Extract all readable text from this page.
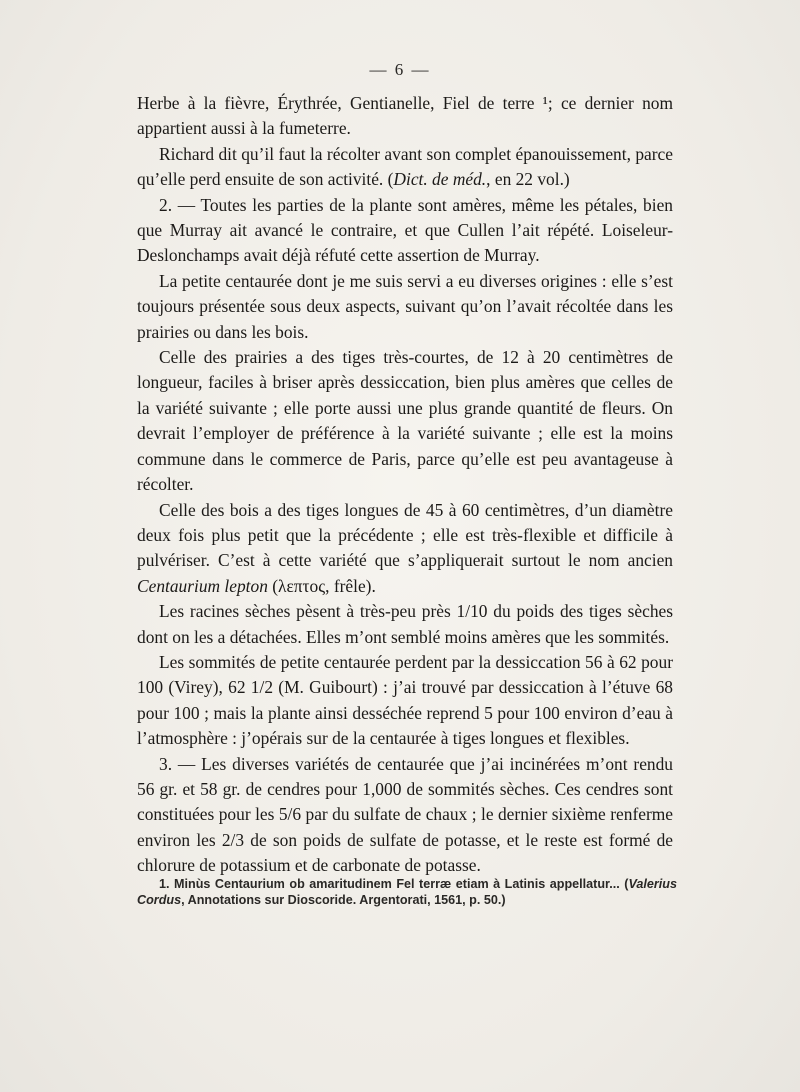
— 6 —

Herbe à la fièvre, Érythrée, Gentianelle, Fiel de terre ¹; ce dernier nom appartient aussi à la fumeterre.

Richard dit qu’il faut la récolter avant son complet épanouissement, parce qu’elle perd ensuite de son activité. (Dict. de méd., en 22 vol.)

2. — Toutes les parties de la plante sont amères, même les pétales, bien que Murray ait avancé le contraire, et que Cullen l’ait répété. Loiseleur-Deslonchamps avait déjà réfuté cette assertion de Murray.

La petite centaurée dont je me suis servi a eu diverses origines : elle s’est toujours présentée sous deux aspects, suivant qu’on l’avait récoltée dans les prairies ou dans les bois.

Celle des prairies a des tiges très-courtes, de 12 à 20 centimètres de longueur, faciles à briser après dessiccation, bien plus amères que celles de la variété suivante ; elle porte aussi une plus grande quantité de fleurs. On devrait l’employer de préférence à la variété suivante ; elle est la moins commune dans le commerce de Paris, parce qu’elle est peu avantageuse à récolter.

Celle des bois a des tiges longues de 45 à 60 centimètres, d’un diamètre deux fois plus petit que la précédente ; elle est très-flexible et difficile à pulvériser. C’est à cette variété que s’appliquerait surtout le nom ancien Centaurium lepton (λεπτος, frêle).

Les racines sèches pèsent à très-peu près 1/10 du poids des tiges sèches dont on les a détachées. Elles m’ont semblé moins amères que les sommités.

Les sommités de petite centaurée perdent par la dessiccation 56 à 62 pour 100 (Virey), 62 1/2 (M. Guibourt) : j’ai trouvé par dessiccation à l’étuve 68 pour 100 ; mais la plante ainsi desséchée reprend 5 pour 100 environ d’eau à l’atmosphère : j’opérais sur de la centaurée à tiges longues et flexibles.

3. — Les diverses variétés de centaurée que j’ai incinérées m’ont rendu 56 gr. et 58 gr. de cendres pour 1,000 de sommités sèches. Ces cendres sont constituées pour les 5/6 par du sulfate de chaux ; le dernier sixième renferme environ les 2/3 de son poids de sulfate de potasse, et le reste est formé de chlorure de potassium et de carbonate de potasse.

1. Minùs Centaurium ob amaritudinem Fel terræ etiam à Latinis appellatur... (Valerius Cordus, Annotations sur Dioscoride. Argentorati, 1561, p. 50.)
